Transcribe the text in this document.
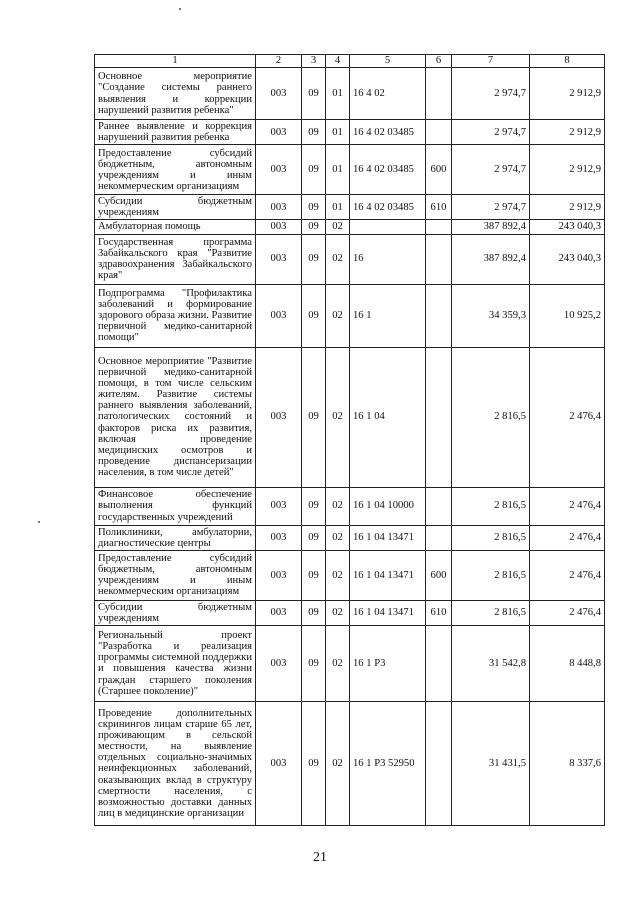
1	2	3	4	5	6	7	8
Основное мероприятие "Создание системы раннего выявления и коррекции нарушений развития ребенка"	003	09	01	16 4 02		2 974,7	2 912,9
Раннее выявление и коррекция нарушений развития ребенка	003	09	01	16 4 02 03485		2 974,7	2 912,9
Предоставление субсидий бюджетным, автономным учреждениям и иным некоммерческим организациям	003	09	01	16 4 02 03485	600	2 974,7	2 912,9
Субсидии бюджетным учреждениям	003	09	01	16 4 02 03485	610	2 974,7	2 912,9
Амбулаторная помощь	003	09	02			387 892,4	243 040,3
Государственная программа Забайкальского края "Развитие здравоохранения Забайкальского края"	003	09	02	16		387 892,4	243 040,3
Подпрограмма "Профилактика заболеваний и формирование здорового образа жизни. Развитие первичной медико-санитарной помощи"	003	09	02	16 1		34 359,3	10 925,2
Основное мероприятие "Развитие первичной медико-санитарной помощи, в том числе сельским жителям. Развитие системы раннего выявления заболеваний, патологических состояний и факторов риска их развития, включая проведение медицинских осмотров и проведение диспансеризации населения, в том числе детей"	003	09	02	16 1 04		2 816,5	2 476,4
Финансовое обеспечение выполнения функций государственных учреждений	003	09	02	16 1 04 10000		2 816,5	2 476,4
Поликлиники, амбулатории, диагностические центры	003	09	02	16 1 04 13471		2 816,5	2 476,4
Предоставление субсидий бюджетным, автономным учреждениям и иным некоммерческим организациям	003	09	02	16 1 04 13471	600	2 816,5	2 476,4
Субсидии бюджетным учреждениям	003	09	02	16 1 04 13471	610	2 816,5	2 476,4
Региональный проект "Разработка и реализация программы системной поддержки и повышения качества жизни граждан старшего поколения (Старшее поколение)"	003	09	02	16 1 P3		31 542,8	8 448,8
Проведение дополнительных скринингов лицам старше 65 лет, проживающим в сельской местности, на выявление отдельных социально-значимых неинфекционных заболеваний, оказывающих вклад в структуру смертности населения, с возможностью доставки данных лиц в медицинские организации	003	09	02	16 1 P3 52950		31 431,5	8 337,6
21
